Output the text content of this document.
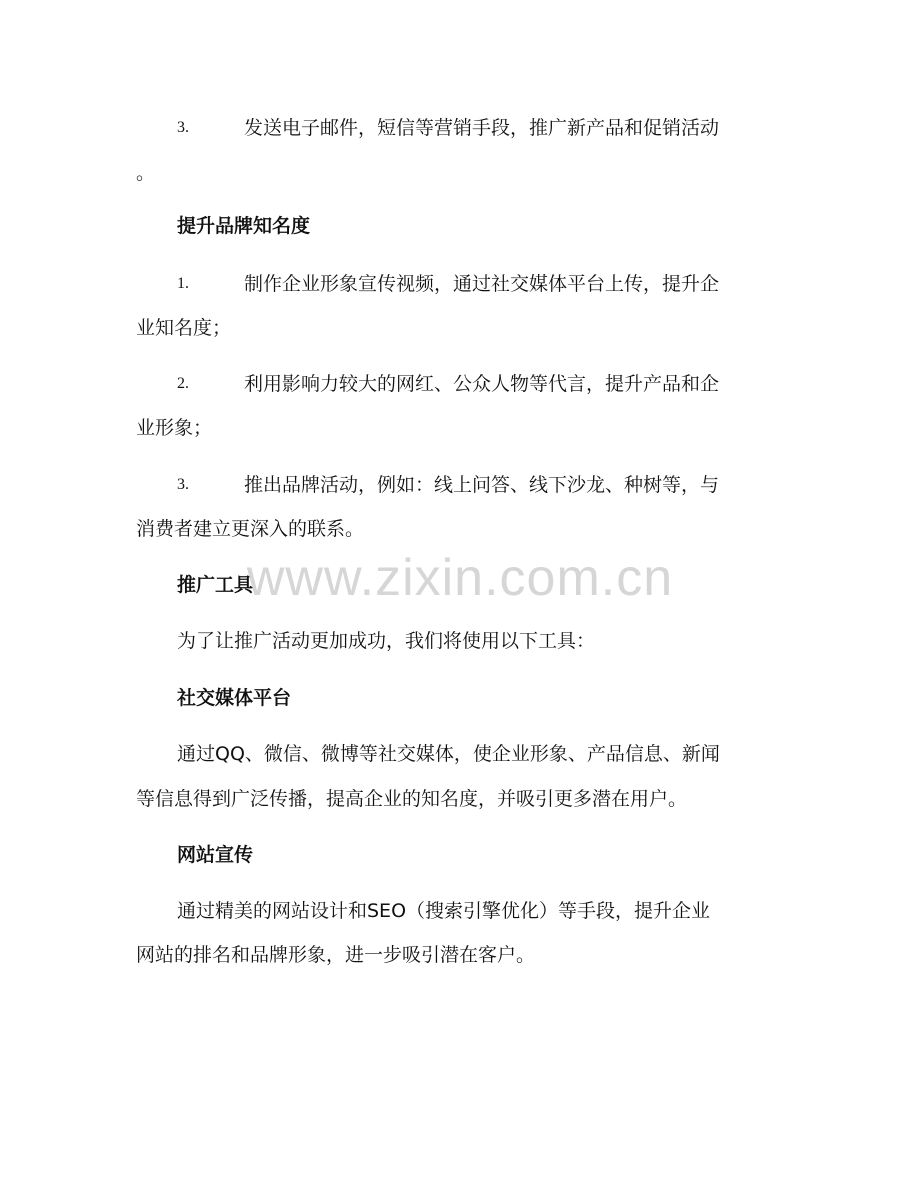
www.zixin.com.cn
3.	发送电子邮件，短信等营销手段，推广新产品和促销活动
。
提升品牌知名度
1.	制作企业形象宣传视频，通过社交媒体平台上传，提升企
业知名度；
2.	利用影响力较大的网红、公众人物等代言，提升产品和企
业形象；
3.	推出品牌活动，例如：线上问答、线下沙龙、种树等，与
消费者建立更深入的联系。
推广工具
为了让推广活动更加成功，我们将使用以下工具：
社交媒体平台
通过QQ、微信、微博等社交媒体，使企业形象、产品信息、新闻
等信息得到广泛传播，提高企业的知名度，并吸引更多潜在用户。
网站宣传
通过精美的网站设计和SEO（搜索引擎优化）等手段，提升企业
网站的排名和品牌形象，进一步吸引潜在客户。
